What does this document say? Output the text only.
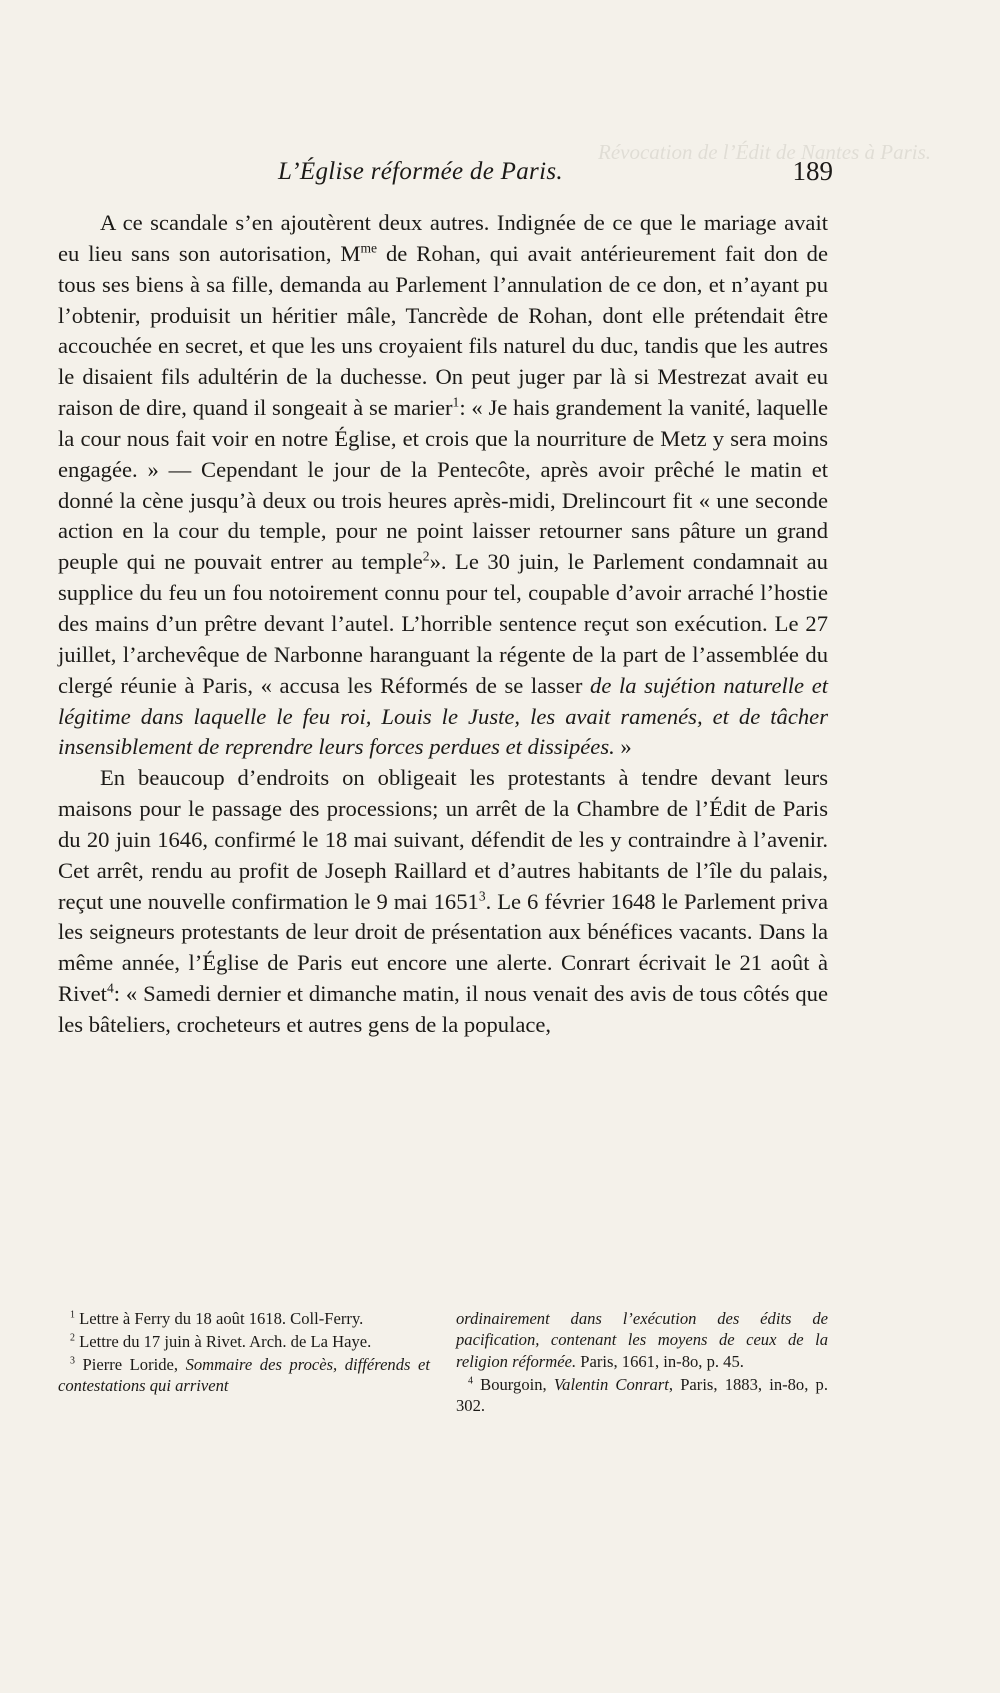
Révocation de l’Édit de Nantes à Paris.
L’Église réformée de Paris.	189

A ce scandale s’en ajoutèrent deux autres. Indignée de ce que le mariage avait eu lieu sans son autorisation, $M^{me}$ de Rohan, qui avait antérieurement fait don de tous ses biens à sa fille, demanda au Parlement l’annulation de ce don, et n’ayant pu l’obtenir, produisit un héritier mâle, Tancrède de Rohan, dont elle prétendait être accouchée en secret, et que les uns croyaient fils naturel du duc, tandis que les autres le disaient fils adultérin de la duchesse. On peut juger par là si Mestrezat avait eu raison de dire, quand il songeait à se marier$^1$: « Je hais grandement la vanité, laquelle la cour nous fait voir en notre Église, et crois que la nourriture de Metz y sera moins engagée. » — Cependant le jour de la Pentecôte, après avoir prêché le matin et donné la cène jusqu’à deux ou trois heures après-midi, Drelincourt fit « une seconde action en la cour du temple, pour ne point laisser retourner sans pâture un grand peuple qui ne pouvait entrer au temple$^2$». Le 30 juin, le Parlement condamnait au supplice du feu un fou notoirement connu pour tel, coupable d’avoir arraché l’hostie des mains d’un prêtre devant l’autel. L’horrible sentence reçut son exécution. Le 27 juillet, l’archevêque de Narbonne haranguant la régente de la part de l’assemblée du clergé réunie à Paris, « accusa les Réformés de se lasser de la sujétion naturelle et légitime dans laquelle le feu roi, Louis le Juste, les avait ramenés, et de tâcher insensiblement de reprendre leurs forces perdues et dissipées. »

En beaucoup d’endroits on obligeait les protestants à tendre devant leurs maisons pour le passage des processions; un arrêt de la Chambre de l’Édit de Paris du 20 juin 1646, confirmé le 18 mai suivant, défendit de les y contraindre à l’avenir. Cet arrêt, rendu au profit de Joseph Raillard et d’autres habitants de l’île du palais, reçut une nouvelle confirmation le 9 mai 1651$^3$. Le 6 février 1648 le Parlement priva les seigneurs protestants de leur droit de présentation aux bénéfices vacants. Dans la même année, l’Église de Paris eut encore une alerte. Conrart écrivait le 21 août à Rivet$^4$: « Samedi dernier et dimanche matin, il nous venait des avis de tous côtés que les bâteliers, crocheteurs et autres gens de la populace,

$^1$ Lettre à Ferry du 18 août 1618. Coll-Ferry.

$^2$ Lettre du 17 juin à Rivet. Arch. de La Haye.

$^3$ Pierre Loride, Sommaire des procès, différends et contestations qui arrivent

ordinairement dans l’exécution des édits de pacification, contenant les moyens de ceux de la religion réformée. Paris, 1661, in-8o, p. 45.

$^4$ Bourgoin, Valentin Conrart, Paris, 1883, in-8o, p. 302.
